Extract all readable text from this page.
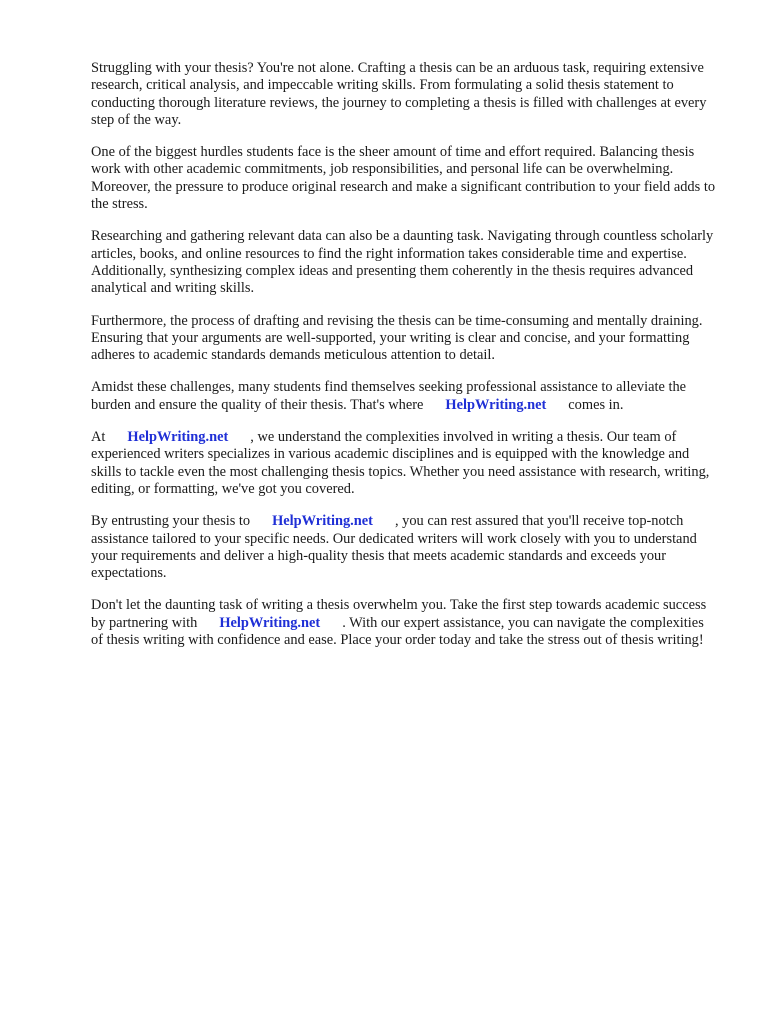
Struggling with your thesis? You're not alone. Crafting a thesis can be an arduous task, requiring extensive research, critical analysis, and impeccable writing skills. From formulating a solid thesis statement to conducting thorough literature reviews, the journey to completing a thesis is filled with challenges at every step of the way.

One of the biggest hurdles students face is the sheer amount of time and effort required. Balancing thesis work with other academic commitments, job responsibilities, and personal life can be overwhelming. Moreover, the pressure to produce original research and make a significant contribution to your field adds to the stress.

Researching and gathering relevant data can also be a daunting task. Navigating through countless scholarly articles, books, and online resources to find the right information takes considerable time and expertise. Additionally, synthesizing complex ideas and presenting them coherently in the thesis requires advanced analytical and writing skills.

Furthermore, the process of drafting and revising the thesis can be time-consuming and mentally draining. Ensuring that your arguments are well-supported, your writing is clear and concise, and your formatting adheres to academic standards demands meticulous attention to detail.

Amidst these challenges, many students find themselves seeking professional assistance to alleviate the burden and ensure the quality of their thesis. That's where HelpWriting.net comes in.

At HelpWriting.net , we understand the complexities involved in writing a thesis. Our team of experienced writers specializes in various academic disciplines and is equipped with the knowledge and skills to tackle even the most challenging thesis topics. Whether you need assistance with research, writing, editing, or formatting, we've got you covered.

By entrusting your thesis to HelpWriting.net , you can rest assured that you'll receive top-notch assistance tailored to your specific needs. Our dedicated writers will work closely with you to understand your requirements and deliver a high-quality thesis that meets academic standards and exceeds your expectations.

Don't let the daunting task of writing a thesis overwhelm you. Take the first step towards academic success by partnering with HelpWriting.net . With our expert assistance, you can navigate the complexities of thesis writing with confidence and ease. Place your order today and take the stress out of thesis writing!
